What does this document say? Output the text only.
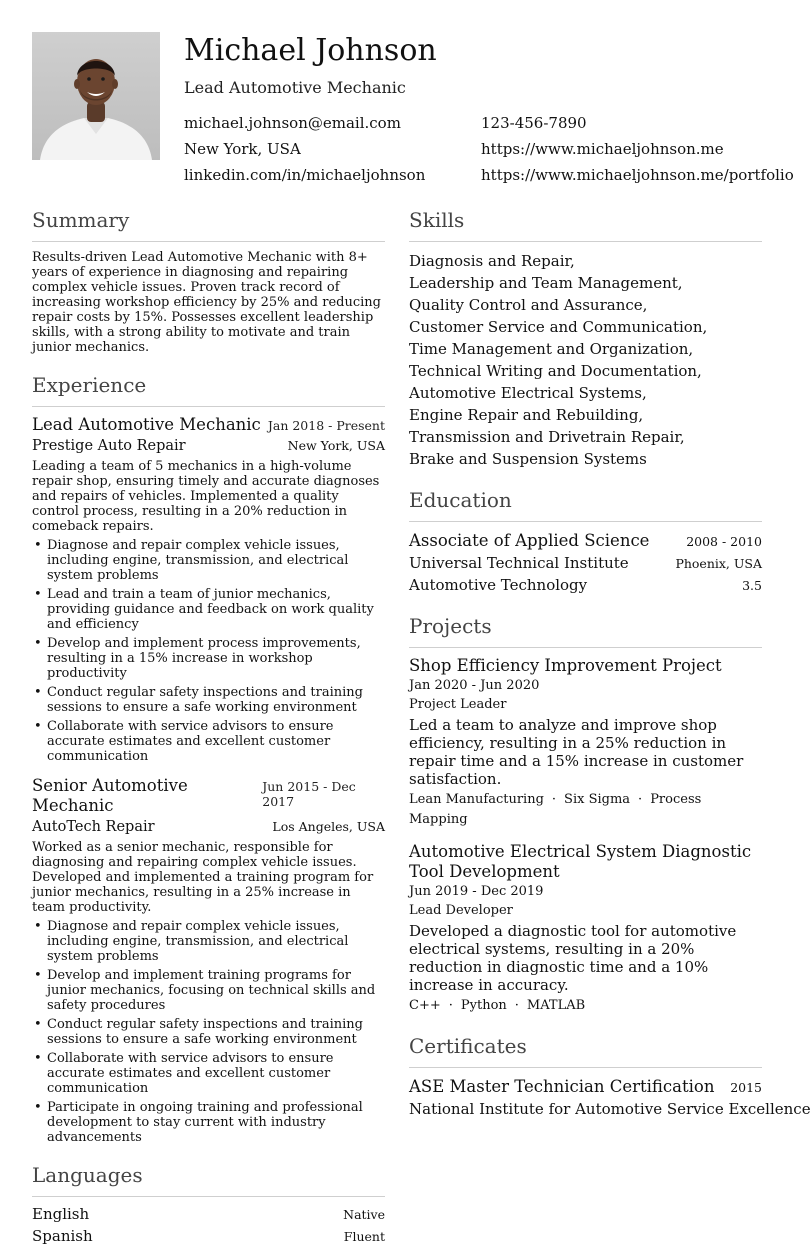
Michael Johnson
Lead Automotive Mechanic
michael.johnson@email.com	123-456-7890
New York, USA	https://www.michaeljohnson.me
linkedin.com/in/michaeljohnson	https://www.michaeljohnson.me/portfolio
Summary

Results-driven Lead Automotive Mechanic with 8+ years of experience in diagnosing and repairing complex vehicle issues. Proven track record of increasing workshop efficiency by 25% and reducing repair costs by 15%. Possesses excellent leadership skills, with a strong ability to motivate and train junior mechanics.

Experience
Lead Automotive Mechanic Jan 2018 - Present
Prestige Auto Repair	New York, USA

Leading a team of 5 mechanics in a high-volume repair shop, ensuring timely and accurate diagnoses and repairs of vehicles. Implemented a quality control process, resulting in a 20% reduction in comeback repairs.

• Diagnose and repair complex vehicle issues, including engine, transmission, and electrical system problems
• Lead and train a team of junior mechanics, providing guidance and feedback on work quality and efficiency
• Develop and implement process improvements, resulting in a 15% increase in workshop productivity
• Conduct regular safety inspections and training sessions to ensure a safe working environment
• Collaborate with service advisors to ensure accurate estimates and excellent customer communication
Senior Automotive Mechanic
Jun 2015 - Dec 2017
AutoTech Repair	Los Angeles, USA

Worked as a senior mechanic, responsible for diagnosing and repairing complex vehicle issues. Developed and implemented a training program for junior mechanics, resulting in a 25% increase in team productivity.

• Diagnose and repair complex vehicle issues, including engine, transmission, and electrical system problems
• Develop and implement training programs for junior mechanics, focusing on technical skills and safety procedures
• Conduct regular safety inspections and training sessions to ensure a safe working environment
• Collaborate with service advisors to ensure accurate estimates and excellent customer communication
• Participate in ongoing training and professional development to stay current with industry advancements
Languages
English	Native
Spanish	Fluent
Skills
Diagnosis and Repair,
Leadership and Team Management,
Quality Control and Assurance,
Customer Service and Communication,
Time Management and Organization,
Technical Writing and Documentation,
Automotive Electrical Systems,
Engine Repair and Rebuilding,
Transmission and Drivetrain Repair,
Brake and Suspension Systems
Education
Associate of Applied Science	2008 - 2010
Universal Technical Institute	Phoenix, USA
Automotive Technology	3.5
Projects
Shop Efficiency Improvement Project
Jan 2020 - Jun 2020
Project Leader

Led a team to analyze and improve shop efficiency, resulting in a 25% reduction in repair time and a 15% increase in customer satisfaction.

Lean Manufacturing · Six Sigma · Process Mapping
Automotive Electrical System Diagnostic Tool Development
Jun 2019 - Dec 2019
Lead Developer

Developed a diagnostic tool for automotive electrical systems, resulting in a 20% reduction in diagnostic time and a 10% increase in accuracy.

C++ · Python · MATLAB
Certificates
ASE Master Technician Certification 2015
National Institute for Automotive Service Excellence
